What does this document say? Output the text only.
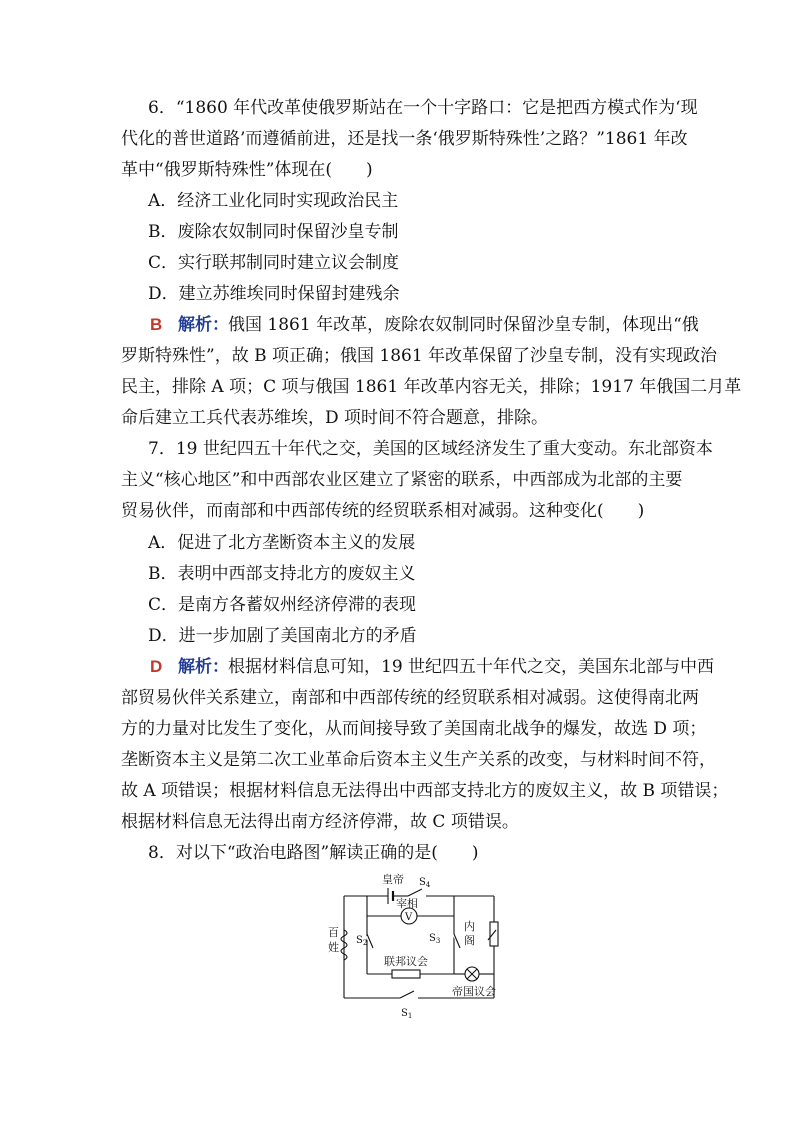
6．“1860 年代改革使俄罗斯站在一个十字路口：它是把西方模式作为‘现
代化的普世道路’而遵循前进，还是找一条‘俄罗斯特殊性’之路？”1861 年改
革中“俄罗斯特殊性”体现在(　　)
A．经济工业化同时实现政治民主
B．废除农奴制同时保留沙皇专制
C．实行联邦制同时建立议会制度
D．建立苏维埃同时保留封建残余
B 解析： 俄国 1861 年改革，废除农奴制同时保留沙皇专制，体现出“俄
罗斯特殊性”，故 B 项正确；俄国 1861 年改革保留了沙皇专制，没有实现政治
民主，排除 A 项；C 项与俄国 1861 年改革内容无关，排除；1917 年俄国二月革
命后建立工兵代表苏维埃，D 项时间不符合题意，排除。
7．19 世纪四五十年代之交，美国的区域经济发生了重大变动。东北部资本
主义“核心地区”和中西部农业区建立了紧密的联系，中西部成为北部的主要
贸易伙伴，而南部和中西部传统的经贸联系相对减弱。这种变化(　　)
A．促进了北方垄断资本主义的发展
B．表明中西部支持北方的废奴主义
C．是南方各蓄奴州经济停滞的表现
D．进一步加剧了美国南北方的矛盾
D 解析： 根据材料信息可知，19 世纪四五十年代之交，美国东北部与中西
部贸易伙伴关系建立，南部和中西部传统的经贸联系相对减弱。这使得南北两
方的力量对比发生了变化，从而间接导致了美国南北战争的爆发，故选 D 项；
垄断资本主义是第二次工业革命后资本主义生产关系的改变，与材料时间不符，
故 A 项错误；根据材料信息无法得出中西部支持北方的废奴主义，故 B 项错误；
根据材料信息无法得出南方经济停滞，故 C 项错误。
8．对以下“政治电路图”解读正确的是(　　)
皇帝 $S_4$
宰相
V
百
姓
$S_2$	$S_3$
内
阁
联邦议会
帝国议会
$S_1$
